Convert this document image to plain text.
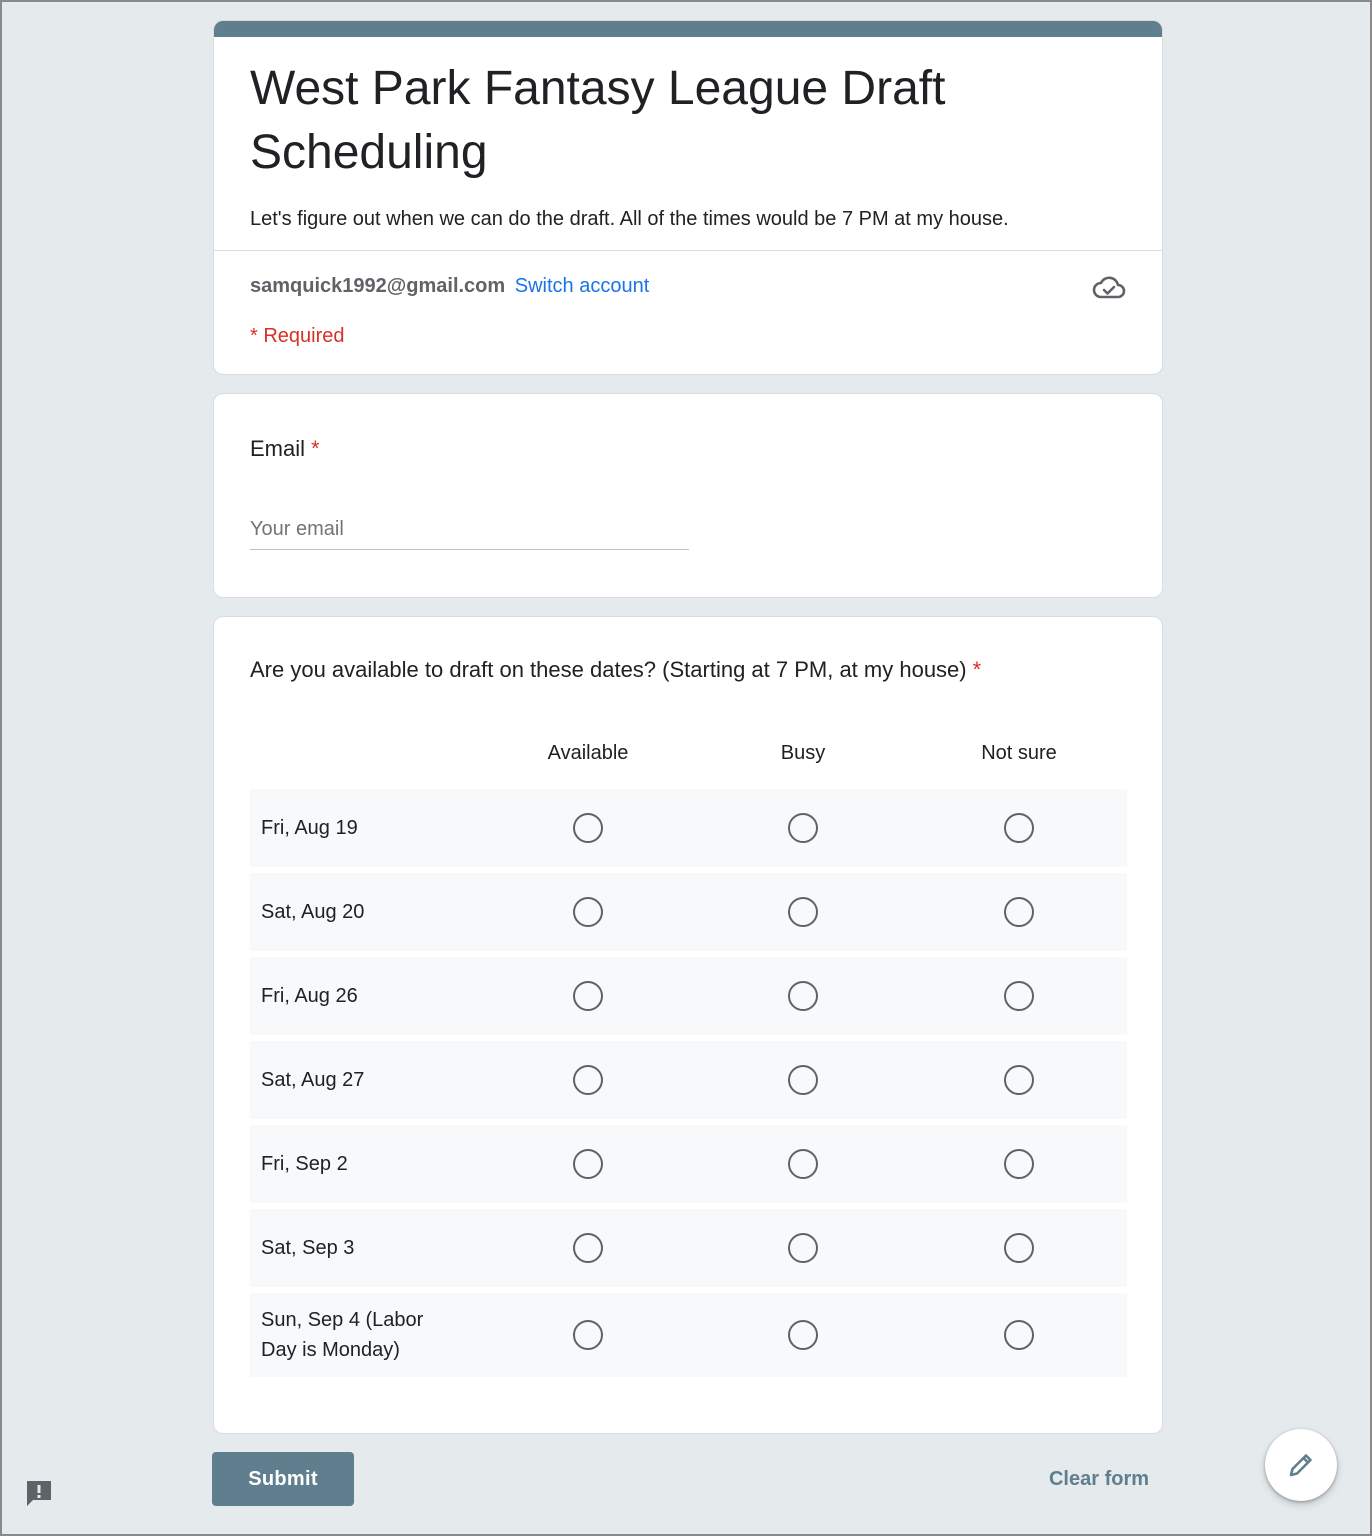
West Park Fantasy League Draft Scheduling
Let's figure out when we can do the draft. All of the times would be 7 PM at my house.
samquick1992@gmail.com Switch account
* Required
Email *
Your email
Are you available to draft on these dates? (Starting at 7 PM, at my house) *
Available	Busy	Not sure
Fri, Aug 19
Sat, Aug 20
Fri, Aug 26
Sat, Aug 27
Fri, Sep 2
Sat, Sep 3
Sun, Sep 4 (Labor Day is Monday)
Submit	Clear form
